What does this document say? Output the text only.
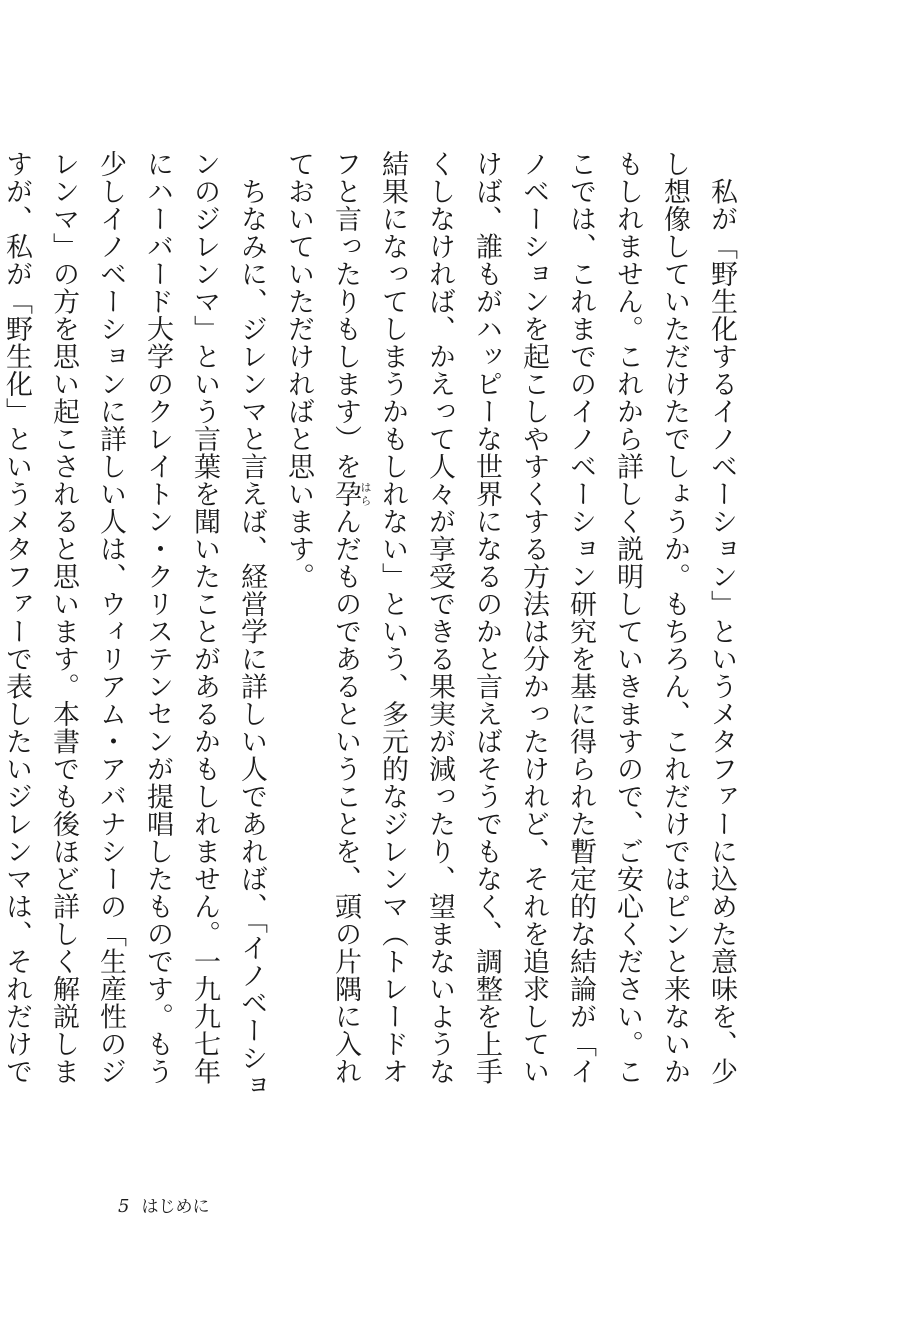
　私が「野生化するイノベーション」というメタファーに込めた意味を、少し想像していただけたでしょうか。もちろん、これだけではピンと来ないかもしれません。これから詳しく説明していきますので、ご安心ください。ここでは、これまでのイノベーション研究を基に得られた暫定的な結論が「イノベーションを起こしやすくする方法は分かったけれど、それを追求していけば、誰もがハッピーな世界になるのかと言えばそうでもなく、調整を上手くしなければ、かえって人々が享受できる果実が減ったり、望まないような結果になってしまうかもしれない」という、多元的なジレンマ（トレードオフと言ったりもします）を孕はらんだものであるということを、頭の片隅に入れておいていただければと思います。

　ちなみに、ジレンマと言えば、経営学に詳しい人であれば、「イノベーションのジレンマ」という言葉を聞いたことがあるかもしれません。一九九七年にハーバード大学のクレイトン・クリステンセンが提唱したものです。もう少しイノベーションに詳しい人は、ウィリアム・アバナシーの「生産性のジレンマ」の方を思い起こされると思います。本書でも後ほど詳しく解説しますが、私が「野生化」というメタファーで表したいジレンマは、それだけで

5 はじめに
